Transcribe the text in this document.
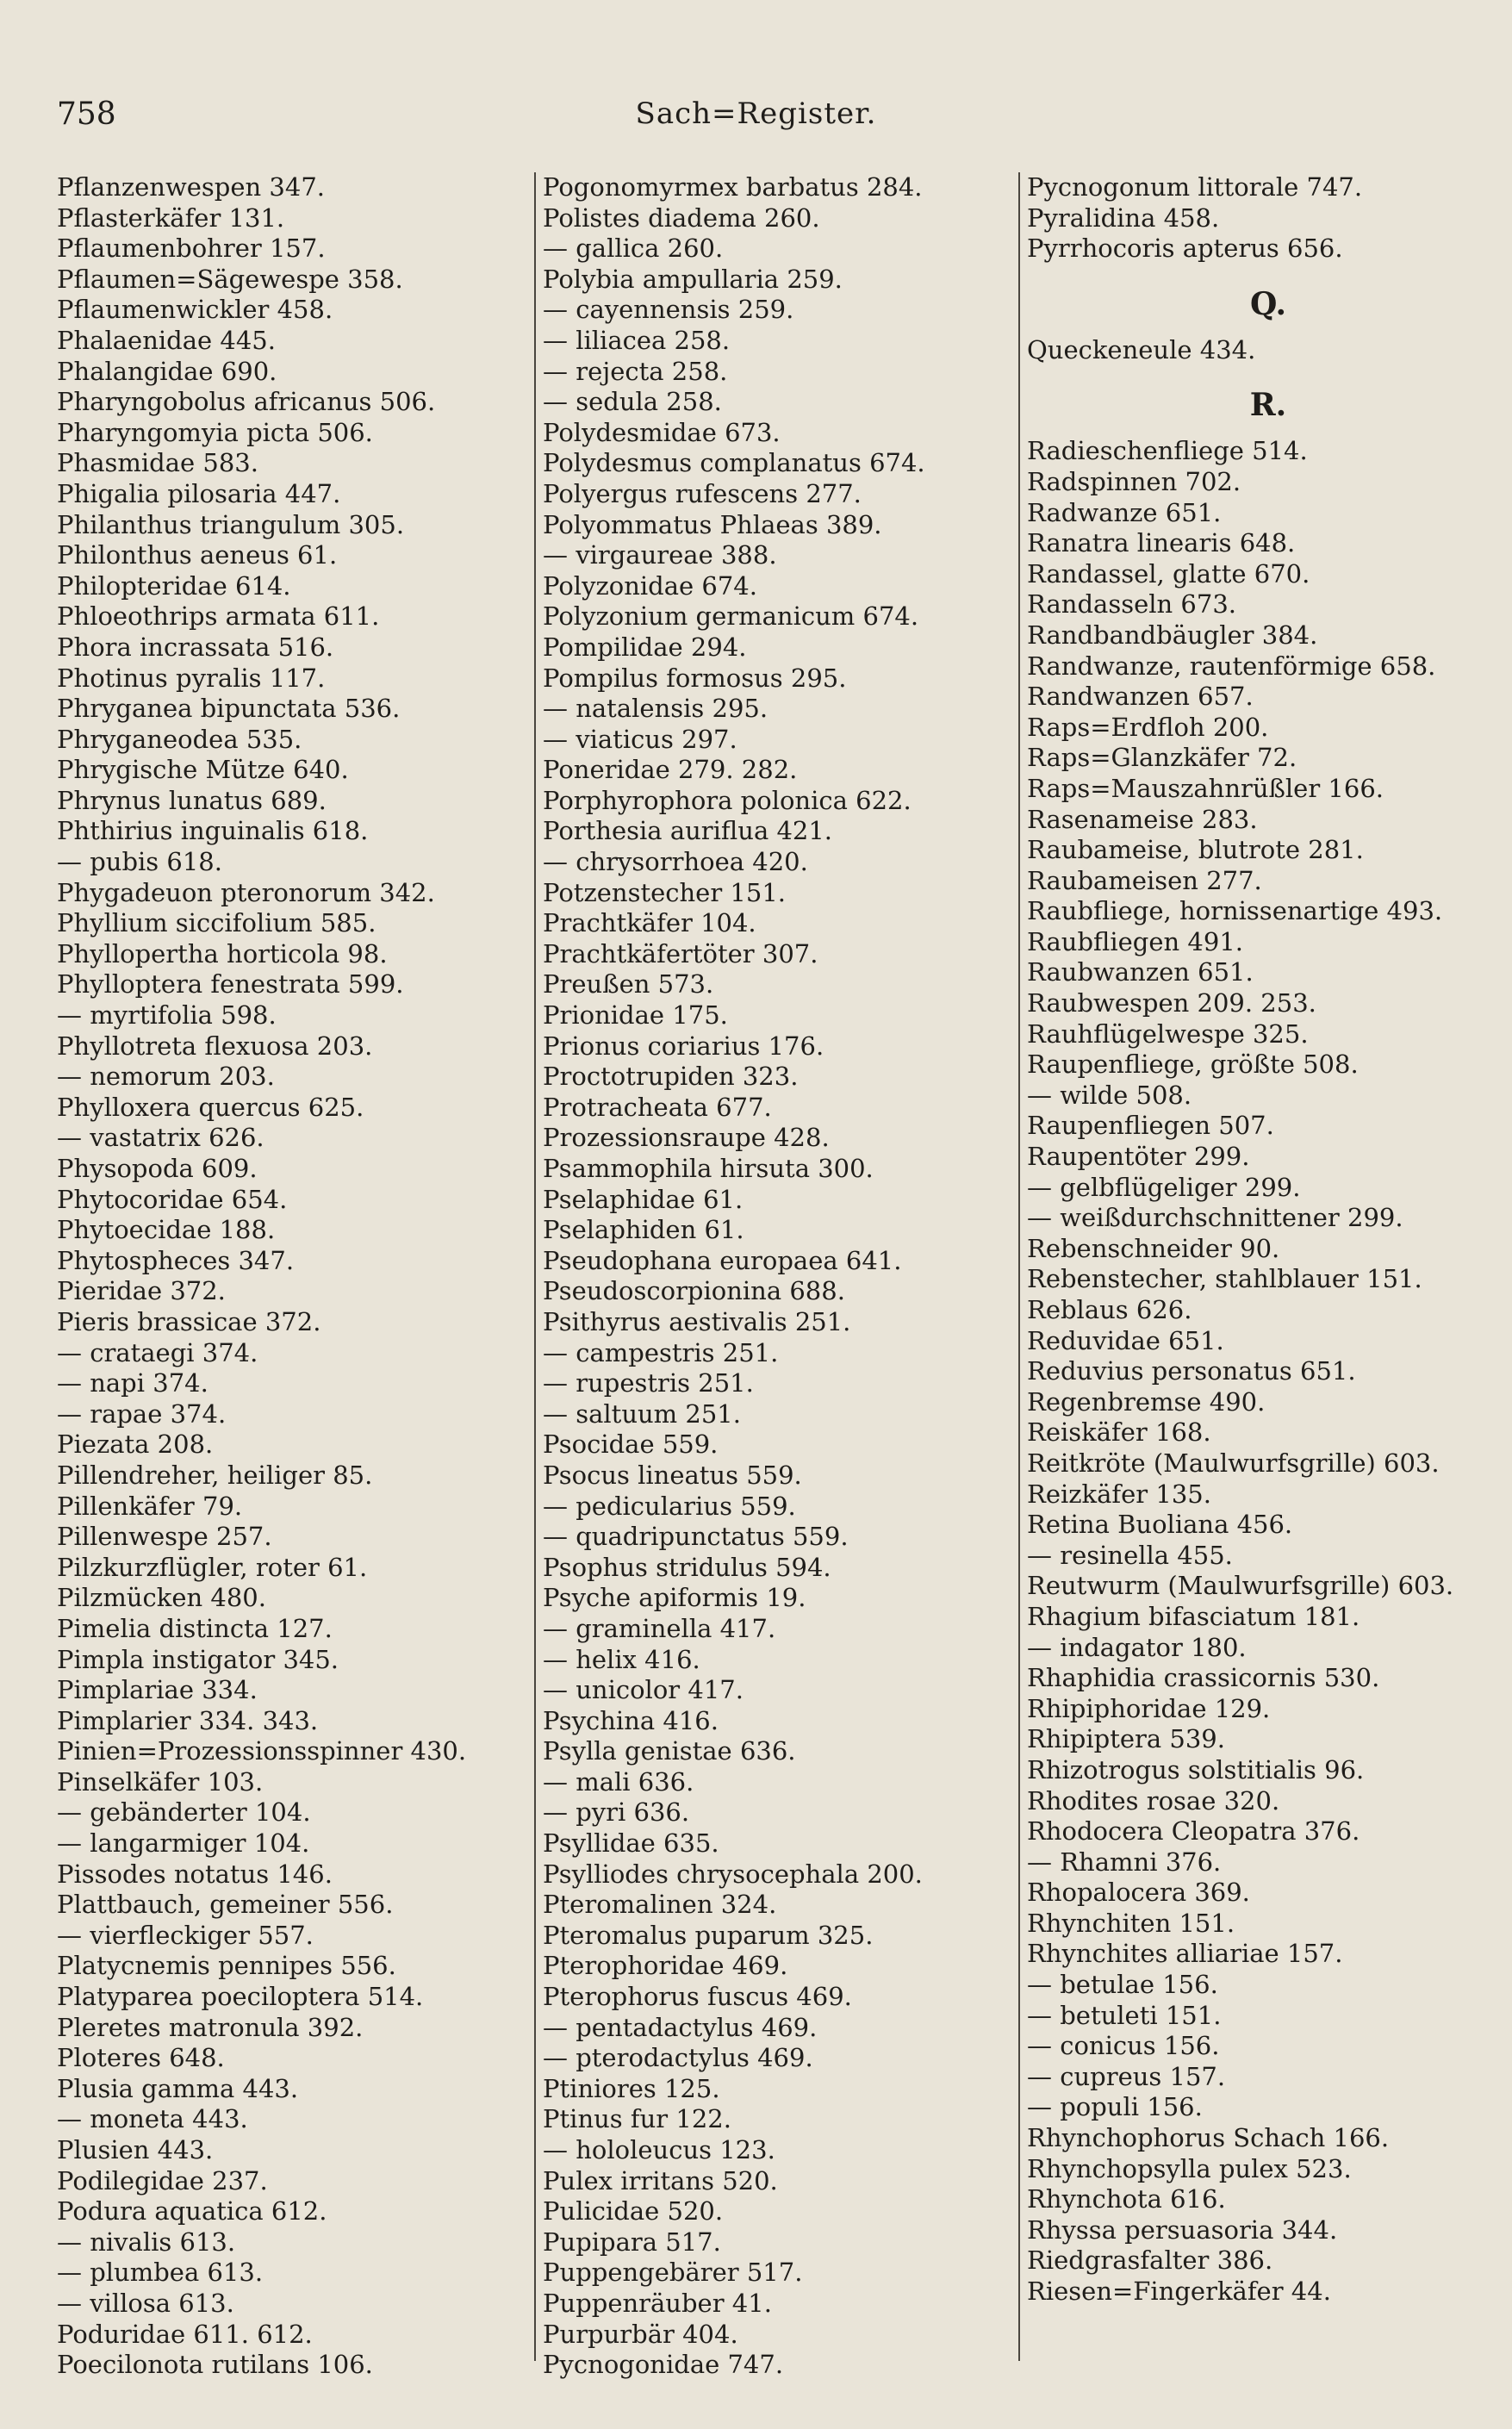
758	Sach=Register.
Pflanzenwespen 347.
Pflasterkäfer 131.
Pflaumenbohrer 157.
Pflaumen=Sägewespe 358.
Pflaumenwickler 458.
Phalaenidae 445.
Phalangidae 690.
Pharyngobolus africanus 506.
Pharyngomyia picta 506.
Phasmidae 583.
Phigalia pilosaria 447.
Philanthus triangulum 305.
Philonthus aeneus 61.
Philopteridae 614.
Phloeothrips armata 611.
Phora incrassata 516.
Photinus pyralis 117.
Phryganea bipunctata 536.
Phryganeodea 535.
Phrygische Mütze 640.
Phrynus lunatus 689.
Phthirius inguinalis 618.
— pubis 618.
Phygadeuon pteronorum 342.
Phyllium siccifolium 585.
Phyllopertha horticola 98.
Phylloptera fenestrata 599.
— myrtifolia 598.
Phyllotreta flexuosa 203.
— nemorum 203.
Phylloxera quercus 625.
— vastatrix 626.
Physopoda 609.
Phytocoridae 654.
Phytoecidae 188.
Phytospheces 347.
Pieridae 372.
Pieris brassicae 372.
— crataegi 374.
— napi 374.
— rapae 374.
Piezata 208.
Pillendreher, heiliger 85.
Pillenkäfer 79.
Pillenwespe 257.
Pilzkurzflügler, roter 61.
Pilzmücken 480.
Pimelia distincta 127.
Pimpla instigator 345.
Pimplariae 334.
Pimplarier 334. 343.
Pinien=Prozessionsspinner 430.
Pinselkäfer 103.
— gebänderter 104.
— langarmiger 104.
Pissodes notatus 146.
Plattbauch, gemeiner 556.
— vierfleckiger 557.
Platycnemis pennipes 556.
Platyparea poeciloptera 514.
Pleretes matronula 392.
Ploteres 648.
Plusia gamma 443.
— moneta 443.
Plusien 443.
Podilegidae 237.
Podura aquatica 612.
— nivalis 613.
— plumbea 613.
— villosa 613.
Poduridae 611. 612.
Poecilonota rutilans 106.
Pogonomyrmex barbatus 284.
Polistes diadema 260.
— gallica 260.
Polybia ampullaria 259.
— cayennensis 259.
— liliacea 258.
— rejecta 258.
— sedula 258.
Polydesmidae 673.
Polydesmus complanatus 674.
Polyergus rufescens 277.
Polyommatus Phlaeas 389.
— virgaureae 388.
Polyzonidae 674.
Polyzonium germanicum 674.
Pompilidae 294.
Pompilus formosus 295.
— natalensis 295.
— viaticus 297.
Poneridae 279. 282.
Porphyrophora polonica 622.
Porthesia auriflua 421.
— chrysorrhoea 420.
Potzenstecher 151.
Prachtkäfer 104.
Prachtkäfertöter 307.
Preußen 573.
Prionidae 175.
Prionus coriarius 176.
Proctotrupiden 323.
Protracheata 677.
Prozessionsraupe 428.
Psammophila hirsuta 300.
Pselaphidae 61.
Pselaphiden 61.
Pseudophana europaea 641.
Pseudoscorpionina 688.
Psithyrus aestivalis 251.
— campestris 251.
— rupestris 251.
— saltuum 251.
Psocidae 559.
Psocus lineatus 559.
— pedicularius 559.
— quadripunctatus 559.
Psophus stridulus 594.
Psyche apiformis 19.
— graminella 417.
— helix 416.
— unicolor 417.
Psychina 416.
Psylla genistae 636.
— mali 636.
— pyri 636.
Psyllidae 635.
Psylliodes chrysocephala 200.
Pteromalinen 324.
Pteromalus puparum 325.
Pterophoridae 469.
Pterophorus fuscus 469.
— pentadactylus 469.
— pterodactylus 469.
Ptiniores 125.
Ptinus fur 122.
— hololeucus 123.
Pulex irritans 520.
Pulicidae 520.
Pupipara 517.
Puppengebärer 517.
Puppenräuber 41.
Purpurbär 404.
Pycnogonidae 747.
Pycnogonum littorale 747.
Pyralidina 458.
Pyrrhocoris apterus 656.
Q.
Queckeneule 434.
R.
Radieschenfliege 514.
Radspinnen 702.
Radwanze 651.
Ranatra linearis 648.
Randassel, glatte 670.
Randasseln 673.
Randbandbäugler 384.
Randwanze, rautenförmige 658.
Randwanzen 657.
Raps=Erdfloh 200.
Raps=Glanzkäfer 72.
Raps=Mauszahnrüßler 166.
Rasenameise 283.
Raubameise, blutrote 281.
Raubameisen 277.
Raubfliege, hornissenartige 493.
Raubfliegen 491.
Raubwanzen 651.
Raubwespen 209. 253.
Rauhflügelwespe 325.
Raupenfliege, größte 508.
— wilde 508.
Raupenfliegen 507.
Raupentöter 299.
— gelbflügeliger 299.
— weißdurchschnittener 299.
Rebenschneider 90.
Rebenstecher, stahlblauer 151.
Reblaus 626.
Reduvidae 651.
Reduvius personatus 651.
Regenbremse 490.
Reiskäfer 168.
Reitkröte (Maulwurfsgrille) 603.
Reizkäfer 135.
Retina Buoliana 456.
— resinella 455.
Reutwurm (Maulwurfsgrille) 603.
Rhagium bifasciatum 181.
— indagator 180.
Rhaphidia crassicornis 530.
Rhipiphoridae 129.
Rhipiptera 539.
Rhizotrogus solstitialis 96.
Rhodites rosae 320.
Rhodocera Cleopatra 376.
— Rhamni 376.
Rhopalocera 369.
Rhynchiten 151.
Rhynchites alliariae 157.
— betulae 156.
— betuleti 151.
— conicus 156.
— cupreus 157.
— populi 156.
Rhynchophorus Schach 166.
Rhynchopsylla pulex 523.
Rhynchota 616.
Rhyssa persuasoria 344.
Riedgrasfalter 386.
Riesen=Fingerkäfer 44.
